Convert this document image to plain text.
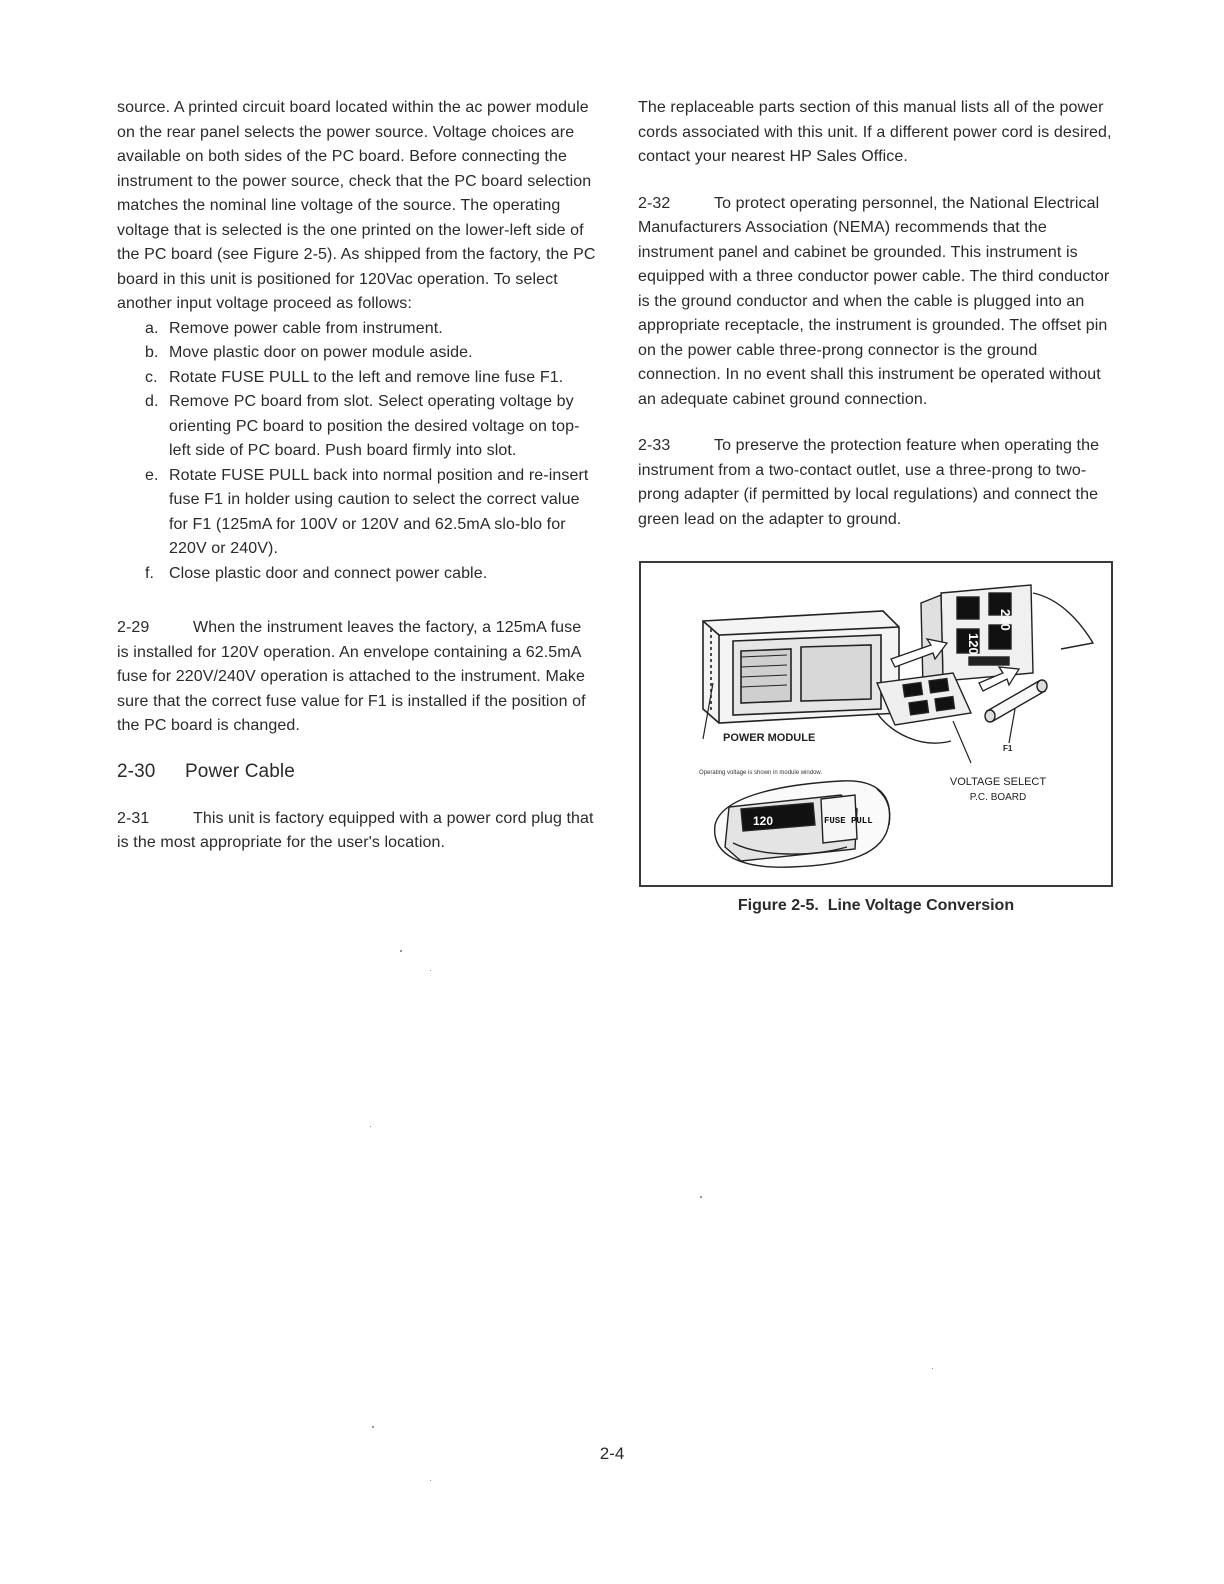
source. A printed circuit board located within the ac power module on the rear panel selects the power source. Voltage choices are available on both sides of the PC board. Before connecting the instrument to the power source, check that the PC board selection matches the nominal line voltage of the source. The operating voltage that is selected is the one printed on the lower-left side of the PC board (see Figure 2-5). As shipped from the factory, the PC board in this unit is positioned for 120Vac operation. To select another input voltage proceed as follows:

a. Remove power cable from instrument.
b. Move plastic door on power module aside.
c. Rotate FUSE PULL to the left and remove line fuse F1.
d. Remove PC board from slot. Select operating voltage by orienting PC board to position the desired voltage on top-left side of PC board. Push board firmly into slot.
e. Rotate FUSE PULL back into normal position and re-insert fuse F1 in holder using caution to select the correct value for F1 (125mA for 100V or 120V and 62.5mA slo-blo for 220V or 240V).
f. Close plastic door and connect power cable.

2-29	When the instrument leaves the factory, a 125mA fuse is installed for 120V operation. An envelope containing a 62.5mA fuse for 220V/240V operation is attached to the instrument. Make sure that the correct fuse value for F1 is installed if the position of the PC board is changed.

2-30 Power Cable

2-31	This unit is factory equipped with a power cord plug that is the most appropriate for the user's location.

The replaceable parts section of this manual lists all of the power cords associated with this unit. If a different power cord is desired, contact your nearest HP Sales Office.

2-32	To protect operating personnel, the National Electrical Manufacturers Association (NEMA) recommends that the instrument panel and cabinet be grounded. This instrument is equipped with a three conductor power cable. The third conductor is the ground conductor and when the cable is plugged into an appropriate receptacle, the instrument is grounded. The offset pin on the power cable three-prong connector is the ground connection. In no event shall this instrument be operated without an adequate cabinet ground connection.

2-33	To preserve the protection feature when operating the instrument from a two-contact outlet, use a three-prong to two-prong adapter (if permitted by local regulations) and connect the green lead on the adapter to ground.

240
120
120	FUSE PULL
POWER MODULE
F1
Operating voltage is shown in module window.
VOLTAGE SELECT
P.C. BOARD
Figure 2-5. Line Voltage Conversion
2-4
